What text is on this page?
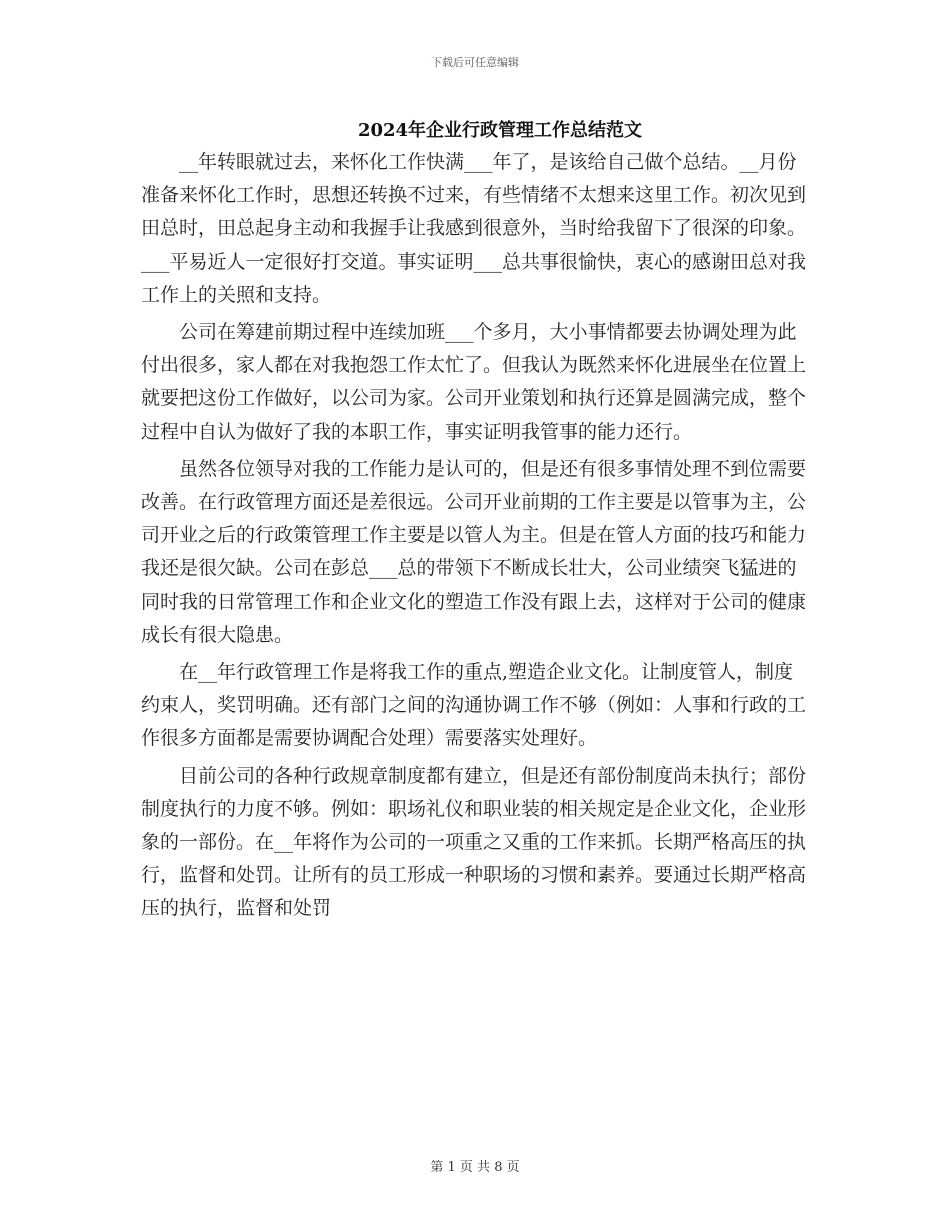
下载后可任意编辑
2024年企业行政管理工作总结范文

__年转眼就过去，来怀化工作快满___年了，是该给自己做个总结。__月份准备来怀化工作时，思想还转换不过来，有些情绪不太想来这里工作。初次见到田总时，田总起身主动和我握手让我感到很意外，当时给我留下了很深的印象。___平易近人一定很好打交道。事实证明___总共事很愉快，衷心的感谢田总对我工作上的关照和支持。

公司在筹建前期过程中连续加班___个多月，大小事情都要去协调处理为此付出很多，家人都在对我抱怨工作太忙了。但我认为既然来怀化进展坐在位置上就要把这份工作做好，以公司为家。公司开业策划和执行还算是圆满完成，整个过程中自认为做好了我的本职工作，事实证明我管事的能力还行。

虽然各位领导对我的工作能力是认可的，但是还有很多事情处理不到位需要改善。在行政管理方面还是差很远。公司开业前期的工作主要是以管事为主，公司开业之后的行政策管理工作主要是以管人为主。但是在管人方面的技巧和能力我还是很欠缺。公司在彭总___总的带领下不断成长壮大，公司业绩突飞猛进的同时我的日常管理工作和企业文化的塑造工作没有跟上去，这样对于公司的健康成长有很大隐患。

在__年行政管理工作是将我工作的重点,塑造企业文化。让制度管人，制度约束人，奖罚明确。还有部门之间的沟通协调工作不够（例如：人事和行政的工作很多方面都是需要协调配合处理）需要落实处理好。

目前公司的各种行政规章制度都有建立，但是还有部份制度尚未执行；部份制度执行的力度不够。例如：职场礼仪和职业装的相关规定是企业文化，企业形象的一部份。在__年将作为公司的一项重之又重的工作来抓。长期严格高压的执行，监督和处罚。让所有的员工形成一种职场的习惯和素养。要通过长期严格高压的执行，监督和处罚

第 1 页 共 8 页
